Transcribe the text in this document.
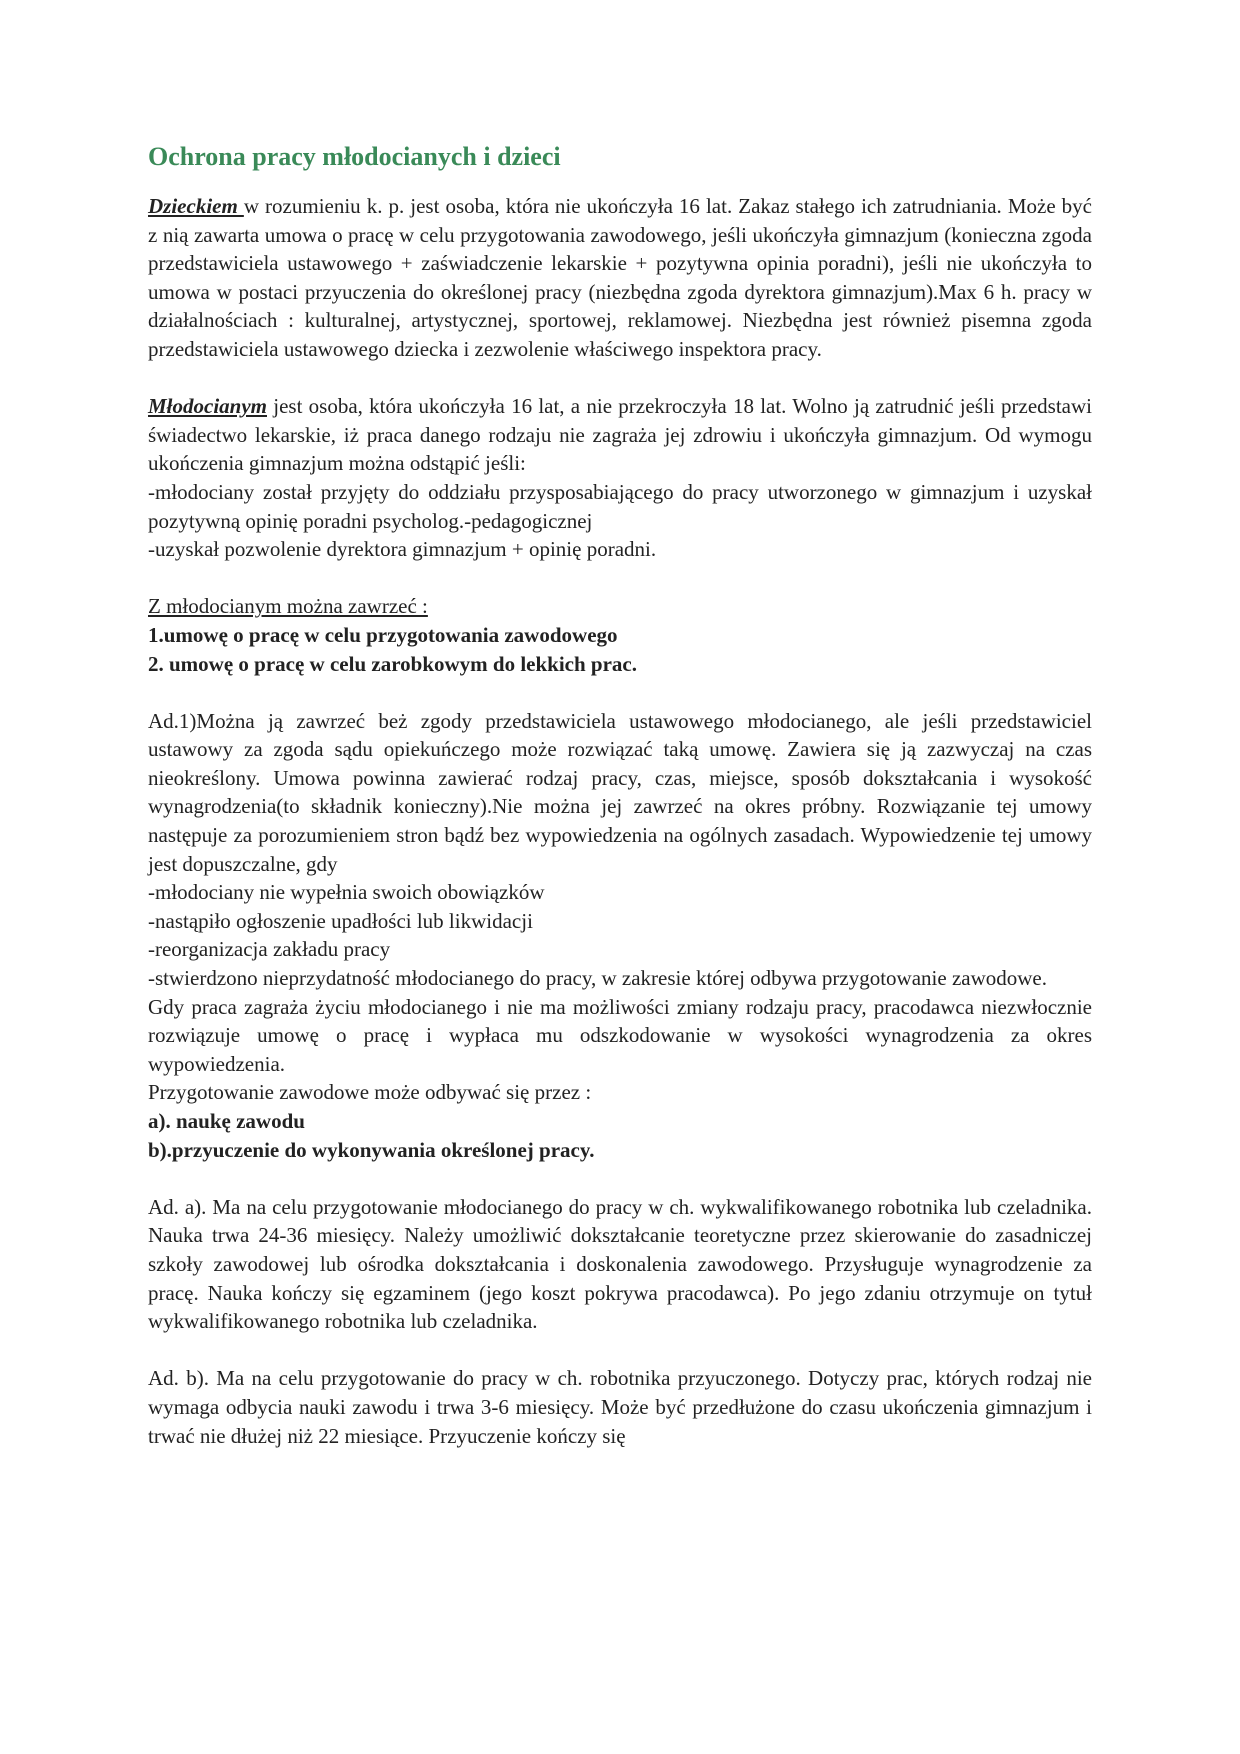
Ochrona pracy młodocianych i dzieci

Dzieckiem w rozumieniu k. p. jest osoba, która nie ukończyła 16 lat. Zakaz stałego ich zatrudniania. Może być z nią zawarta umowa o pracę w celu przygotowania zawodowego, jeśli ukończyła gimnazjum (konieczna zgoda przedstawiciela ustawowego + zaświadczenie lekarskie + pozytywna opinia poradni), jeśli nie ukończyła to umowa w postaci przyuczenia do określonej pracy (niezbędna zgoda dyrektora gimnazjum).Max 6 h. pracy w działalnościach : kulturalnej, artystycznej, sportowej, reklamowej. Niezbędna jest również pisemna zgoda przedstawiciela ustawowego dziecka i zezwolenie właściwego inspektora pracy.

Młodocianym jest osoba, która ukończyła 16 lat, a nie przekroczyła 18 lat. Wolno ją zatrudnić jeśli przedstawi świadectwo lekarskie, iż praca danego rodzaju nie zagraża jej zdrowiu i ukończyła gimnazjum. Od wymogu ukończenia gimnazjum można odstąpić jeśli:

-młodociany został przyjęty do oddziału przysposabiającego do pracy utworzonego w gimnazjum i uzyskał pozytywną opinię poradni psycholog.-pedagogicznej

-uzyskał pozwolenie dyrektora gimnazjum + opinię poradni.

Z młodocianym można zawrzeć :

1.umowę o pracę w celu przygotowania zawodowego

2. umowę o pracę w celu zarobkowym do lekkich prac.

Ad.1)Można ją zawrzeć beż zgody przedstawiciela ustawowego młodocianego, ale jeśli przedstawiciel ustawowy za zgoda sądu opiekuńczego może rozwiązać taką umowę. Zawiera się ją zazwyczaj na czas nieokreślony. Umowa powinna zawierać rodzaj pracy, czas, miejsce, sposób dokształcania i wysokość wynagrodzenia(to składnik konieczny).Nie można jej zawrzeć na okres próbny. Rozwiązanie tej umowy następuje za porozumieniem stron bądź bez wypowiedzenia na ogólnych zasadach. Wypowiedzenie tej umowy jest dopuszczalne, gdy

-młodociany nie wypełnia swoich obowiązków

-nastąpiło ogłoszenie upadłości lub likwidacji

-reorganizacja zakładu pracy

-stwierdzono nieprzydatność młodocianego do pracy, w zakresie której odbywa przygotowanie zawodowe.

Gdy praca zagraża życiu młodocianego i nie ma możliwości zmiany rodzaju pracy, pracodawca niezwłocznie rozwiązuje umowę o pracę i wypłaca mu odszkodowanie w wysokości wynagrodzenia za okres wypowiedzenia.

Przygotowanie zawodowe może odbywać się przez :

a). naukę zawodu

b).przyuczenie do wykonywania określonej pracy.

Ad. a). Ma na celu przygotowanie młodocianego do pracy w ch. wykwalifikowanego robotnika lub czeladnika. Nauka trwa 24-36 miesięcy. Należy umożliwić dokształcanie teoretyczne przez skierowanie do zasadniczej szkoły zawodowej lub ośrodka dokształcania i doskonalenia zawodowego. Przysługuje wynagrodzenie za pracę. Nauka kończy się egzaminem (jego koszt pokrywa pracodawca). Po jego zdaniu otrzymuje on tytuł wykwalifikowanego robotnika lub czeladnika.

Ad. b). Ma na celu przygotowanie do pracy w ch. robotnika przyuczonego. Dotyczy prac, których rodzaj nie wymaga odbycia nauki zawodu i trwa 3-6 miesięcy. Może być przedłużone do czasu ukończenia gimnazjum i trwać nie dłużej niż 22 miesiące. Przyuczenie kończy się
